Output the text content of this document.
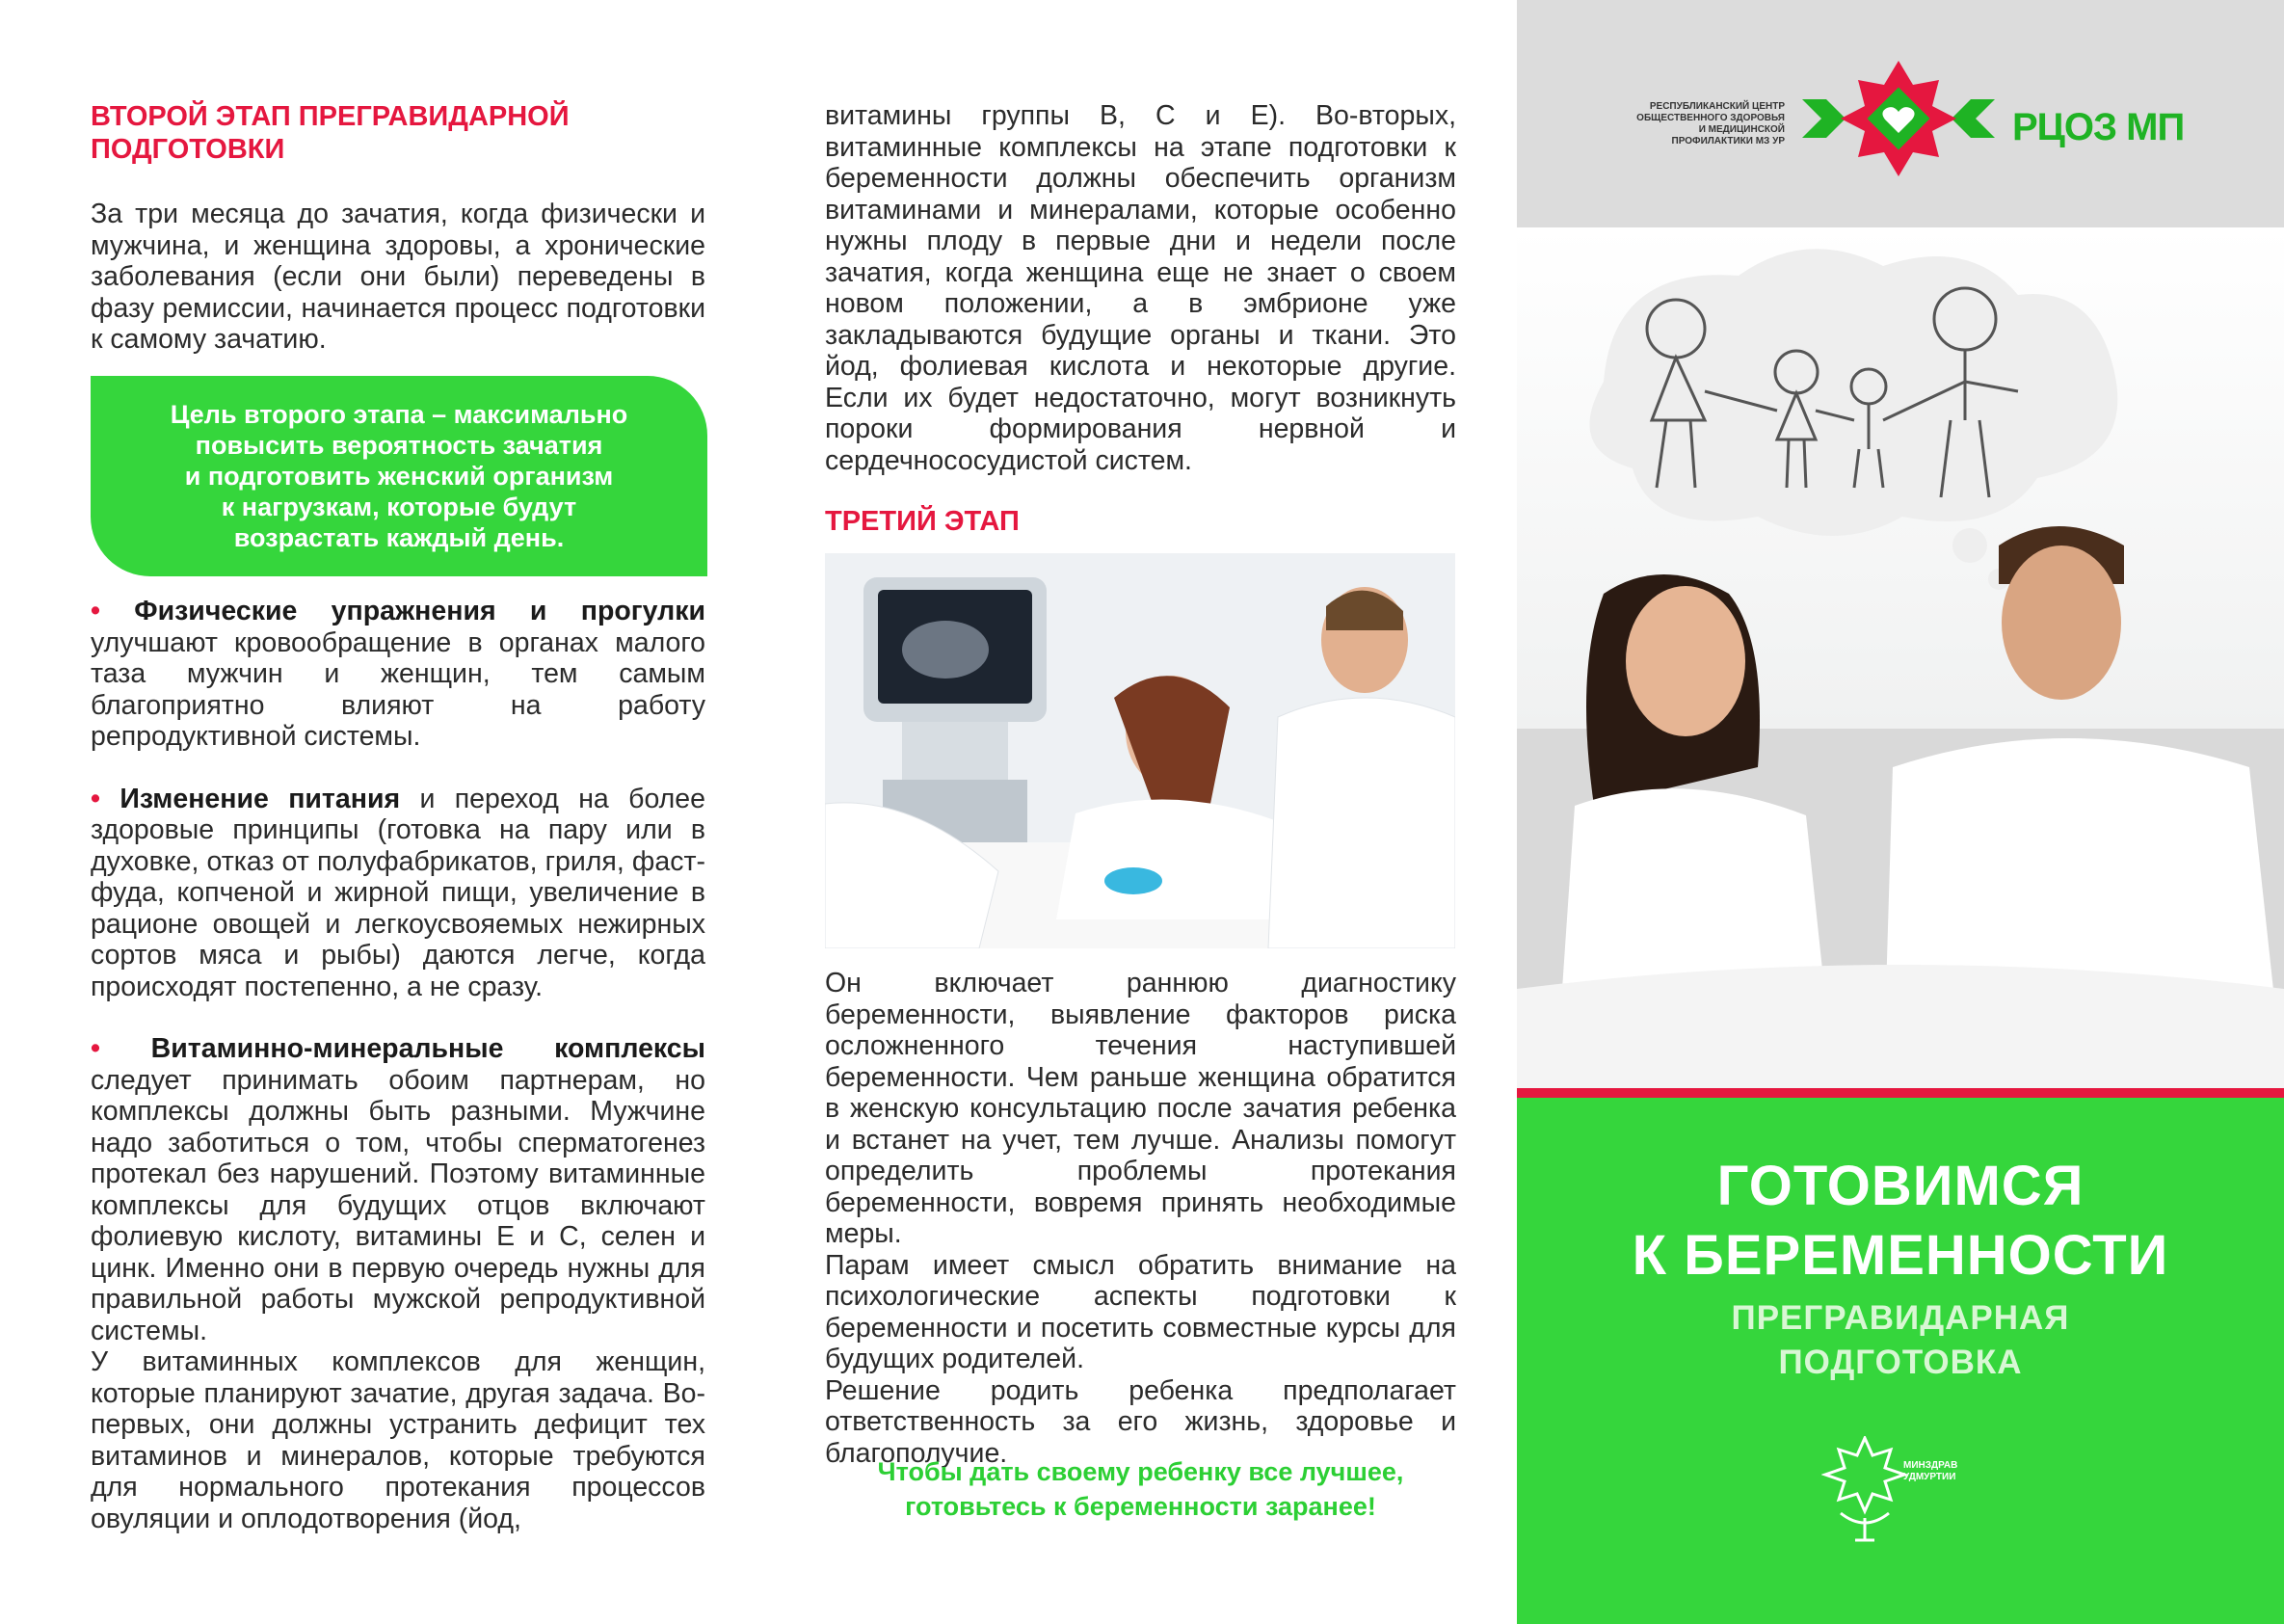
ВТОРОЙ ЭТАП ПРЕГРАВИДАРНОЙ
ПОДГОТОВКИ

За три месяца до зачатия, когда физически и мужчина, и женщина здоровы, а хронические заболевания (если они были) переведены в фазу ремиссии, начинается процесс подготовки к самому зачатию.

Цель второго этапа – максимально
повысить вероятность зачатия
и подготовить женский организм
к нагрузкам, которые будут
возрастать каждый день.

• Физические упражнения и прогулки улучшают кровообращение в органах малого таза мужчин и женщин, тем самым благоприятно влияют на работу репродуктивной системы.

• Изменение питания и переход на более здоровые принципы (готовка на пару или в духовке, отказ от полуфабрикатов, гриля, фаст-фуда, копченой и жирной пищи, увеличение в рационе овощей и легкоусвояемых нежирных сортов мяса и рыбы) даются легче, когда происходят постепенно, а не сразу.

• Витаминно-минеральные комплексы следует принимать обоим партнерам, но комплексы должны быть разными. Мужчине надо заботиться о том, чтобы сперматогенез протекал без нарушений. Поэтому витаминные комплексы для будущих отцов включают фолиевую кислоту, витамины Е и С, селен и цинк. Именно они в первую очередь нужны для правильной работы мужской репродуктивной системы.

У витаминных комплексов для женщин, которые планируют зачатие, другая задача. Во-первых, они должны устранить дефицит тех витаминов и минералов, которые требуются для нормального протекания процессов овуляции и оплодотворения (йод,

витамины группы В, С и Е). Во-вторых, витаминные комплексы на этапе подготовки к беременности должны обеспечить организм витаминами и минералами, которые особенно нужны плоду в первые дни и недели после зачатия, когда женщина еще не знает о своем новом положении, а в эмбрионе уже закладываются будущие органы и ткани. Это йод, фолиевая кислота и некоторые другие. Если их будет недостаточно, могут возникнуть пороки формирования нервной и сердечнососудистой систем.

ТРЕТИЙ ЭТАП

Он включает раннюю диагностику беременности, выявление факторов риска осложненного течения наступившей беременности. Чем раньше женщина обратится в женскую консультацию после зачатия ребенка и встанет на учет, тем лучше. Анализы помогут определить проблемы протекания беременности, вовремя принять необходимые меры.

Парам имеет смысл обратить внимание на психологические аспекты подготовки к беременности и посетить совместные курсы для будущих родителей.

Решение родить ребенка предполагает ответственность за его жизнь, здоровье и благополучие.

Чтобы дать своему ребенку все лучшее,
готовьтесь к беременности заранее!
РЕСПУБЛИКАНСКИЙ ЦЕНТР
ОБЩЕСТВЕННОГО ЗДОРОВЬЯ
И МЕДИЦИНСКОЙ
ПРОФИЛАКТИКИ МЗ УР	РЦОЗ МП
ГОТОВИМСЯ
К БЕРЕМЕННОСТИ
ПРЕГРАВИДАРНАЯ
ПОДГОТОВКА
МИНЗДРАВ
УДМУРТИИ
